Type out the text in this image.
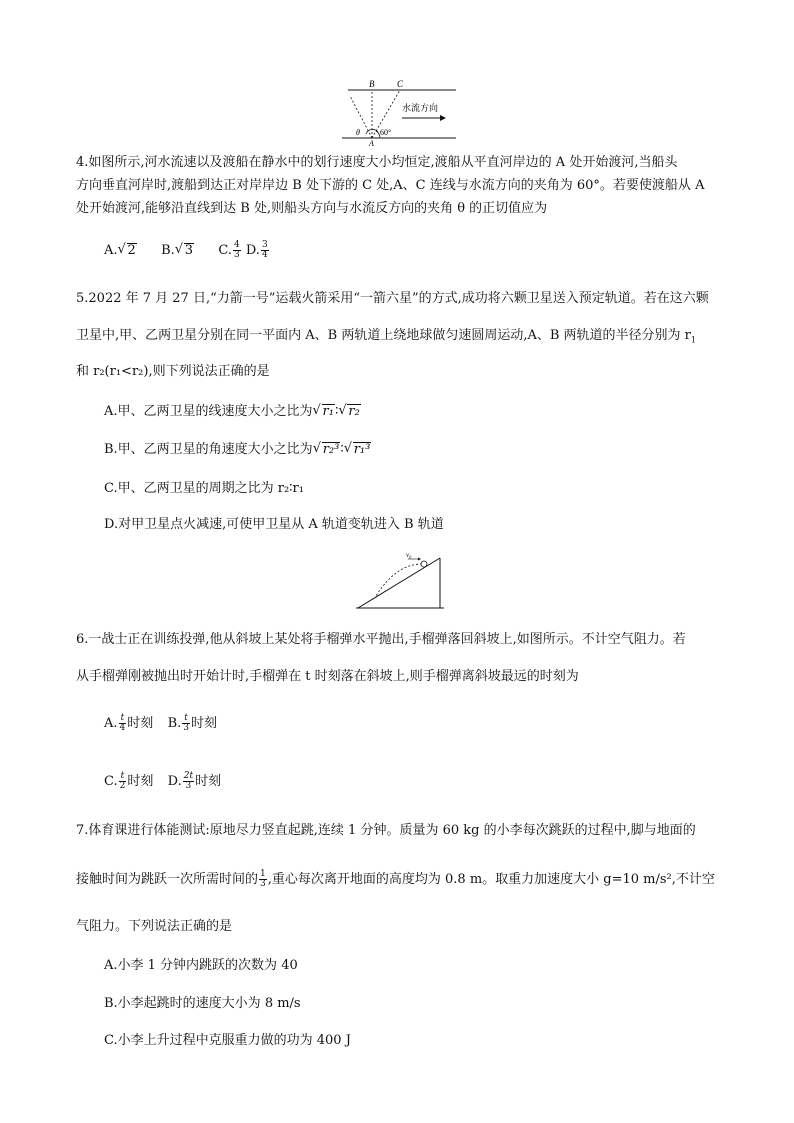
B	C
A
θ	60°
水流方向
4.如图所示,河水流速以及渡船在静水中的划行速度大小均恒定,渡船从平直河岸边的 A 处开始渡河,当船头
方向垂直河岸时,渡船到达正对岸岸边 B 处下游的 C 处,A、C 连线与水流方向的夹角为 60°。若要使渡船从 A
处开始渡河,能够沿直线到达 B 处,则船头方向与水流反方向的夹角 θ 的正切值应为
A. √ 2 B. √ 3 C. $\frac{4}{3} D$. $\frac{3}{4}$
5.2022 年 7 月 27 日,“力箭一号”运载火箭采用“一箭六星”的方式,成功将六颗卫星送入预定轨道。若在这六颗
卫星中,甲、乙两卫星分别在同一平面内 A、B 两轨道上绕地球做匀速圆周运动,A、B 两轨道的半径分别为 $r_1$
和 r₂(r₁<r₂),则下列说法正确的是
A.甲、乙两卫星的线速度大小之比为 √ r₁∶ √ r₂
B.甲、乙两卫星的角速度大小之比为 √ r₂³∶ √ r₁³
C.甲、乙两卫星的周期之比为 r₂∶r₁
D.对甲卫星点火减速,可使甲卫星从 A 轨道变轨进入 B 轨道
v₀
6.一战士正在训练投弹,他从斜坡上某处将手榴弹水平抛出,手榴弹落回斜坡上,如图所示。不计空气阻力。若
从手榴弹刚被抛出时开始计时,手榴弹在 t 时刻落在斜坡上,则手榴弹离斜坡最远的时刻为
A. $\frac{t}{4}$ 时刻 B. $\frac{t}{3}$ 时刻
C. $\frac{t}{2}$ 时刻 D. $\frac{2t}{3}$ 时刻
7.体育课进行体能测试:原地尽力竖直起跳,连续 1 分钟。质量为 60 kg 的小李每次跳跃的过程中,脚与地面的
接触时间为跳跃一次所需时间的 $\frac{1}{3}$ ,重心每次离开地面的高度均为 0.8 m。取重力加速度大小 g=10 m/s²,不计空
气阻力。下列说法正确的是
A.小李 1 分钟内跳跃的次数为 40
B.小李起跳时的速度大小为 8 m/s
C.小李上升过程中克服重力做的功为 400 J
